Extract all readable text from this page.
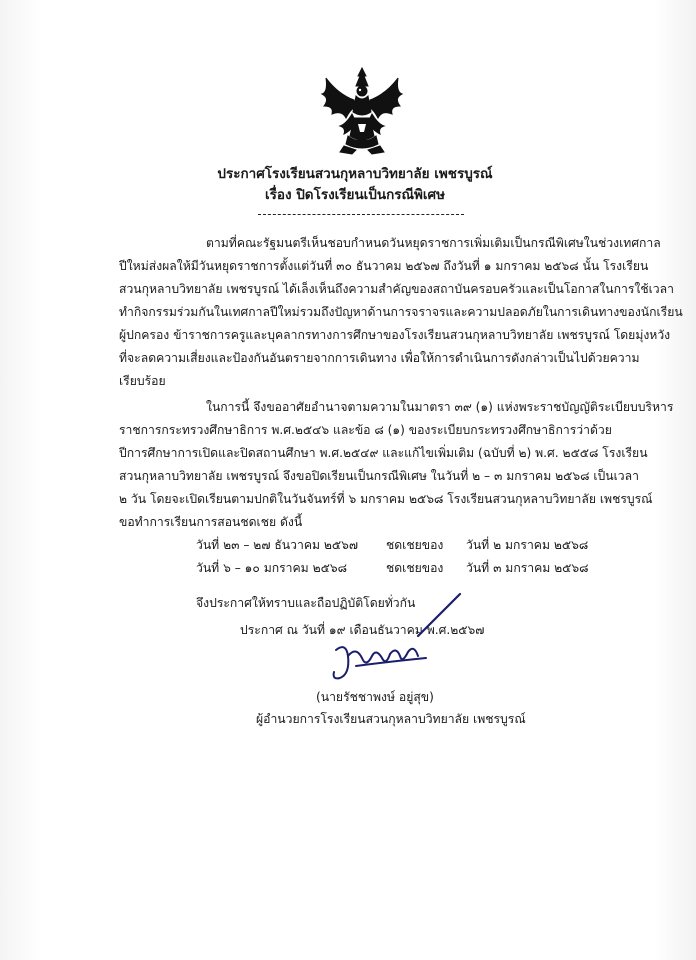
ประกาศโรงเรียนสวนกุหลาบวิทยาลัย เพชรบูรณ์
เรื่อง ปิดโรงเรียนเป็นกรณีพิเศษ
ตามที่คณะรัฐมนตรีเห็นชอบกำหนดวันหยุดราชการเพิ่มเติมเป็นกรณีพิเศษในช่วงเทศกาล
ปีใหม่ส่งผลให้มีวันหยุดราชการตั้งแต่วันที่ ๓๐ ธันวาคม ๒๕๖๗ ถึงวันที่ ๑ มกราคม ๒๕๖๘ นั้น โรงเรียน
สวนกุหลาบวิทยาลัย เพชรบูรณ์ ได้เล็งเห็นถึงความสำคัญของสถาบันครอบครัวและเป็นโอกาสในการใช้เวลา
ทำกิจกรรมร่วมกันในเทศกาลปีใหม่รวมถึงปัญหาด้านการจราจรและความปลอดภัยในการเดินทางของนักเรียน
ผู้ปกครอง ข้าราชการครูและบุคลากรทางการศึกษาของโรงเรียนสวนกุหลาบวิทยาลัย เพชรบูรณ์ โดยมุ่งหวัง
ที่จะลดความเสี่ยงและป้องกันอันตรายจากการเดินทาง เพื่อให้การดำเนินการดังกล่าวเป็นไปด้วยความ
เรียบร้อย
ในการนี้ จึงขออาศัยอำนาจตามความในมาตรา ๓๙ (๑) แห่งพระราชบัญญัติระเบียบบริหาร
ราชการกระทรวงศึกษาธิการ พ.ศ.๒๕๔๖ และข้อ ๘ (๑) ของระเบียบกระทรวงศึกษาธิการว่าด้วย
ปีการศึกษาการเปิดและปิดสถานศึกษา พ.ศ.๒๕๔๙ และแก้ไขเพิ่มเติม (ฉบับที่ ๒) พ.ศ. ๒๕๕๘ โรงเรียน
สวนกุหลาบวิทยาลัย เพชรบูรณ์ จึงขอปิดเรียนเป็นกรณีพิเศษ ในวันที่ ๒ – ๓ มกราคม ๒๕๖๘ เป็นเวลา
๒ วัน โดยจะเปิดเรียนตามปกติในวันจันทร์ที่ ๖ มกราคม ๒๕๖๘ โรงเรียนสวนกุหลาบวิทยาลัย เพชรบูรณ์
ขอทำการเรียนการสอนชดเชย ดังนี้
วันที่ ๒๓ – ๒๗ ธันวาคม ๒๕๖๗ ชดเชยของ วันที่ ๒ มกราคม ๒๕๖๘
วันที่ ๖ – ๑๐ มกราคม ๒๕๖๘	ชดเชยของ วันที่ ๓ มกราคม ๒๕๖๘
จึงประกาศให้ทราบและถือปฏิบัติโดยทั่วกัน
ประกาศ ณ วันที่ ๑๙ เดือนธันวาคม พ.ศ.๒๕๖๗
(นายรัชชาพงษ์ อยู่สุข)
ผู้อำนวยการโรงเรียนสวนกุหลาบวิทยาลัย เพชรบูรณ์
